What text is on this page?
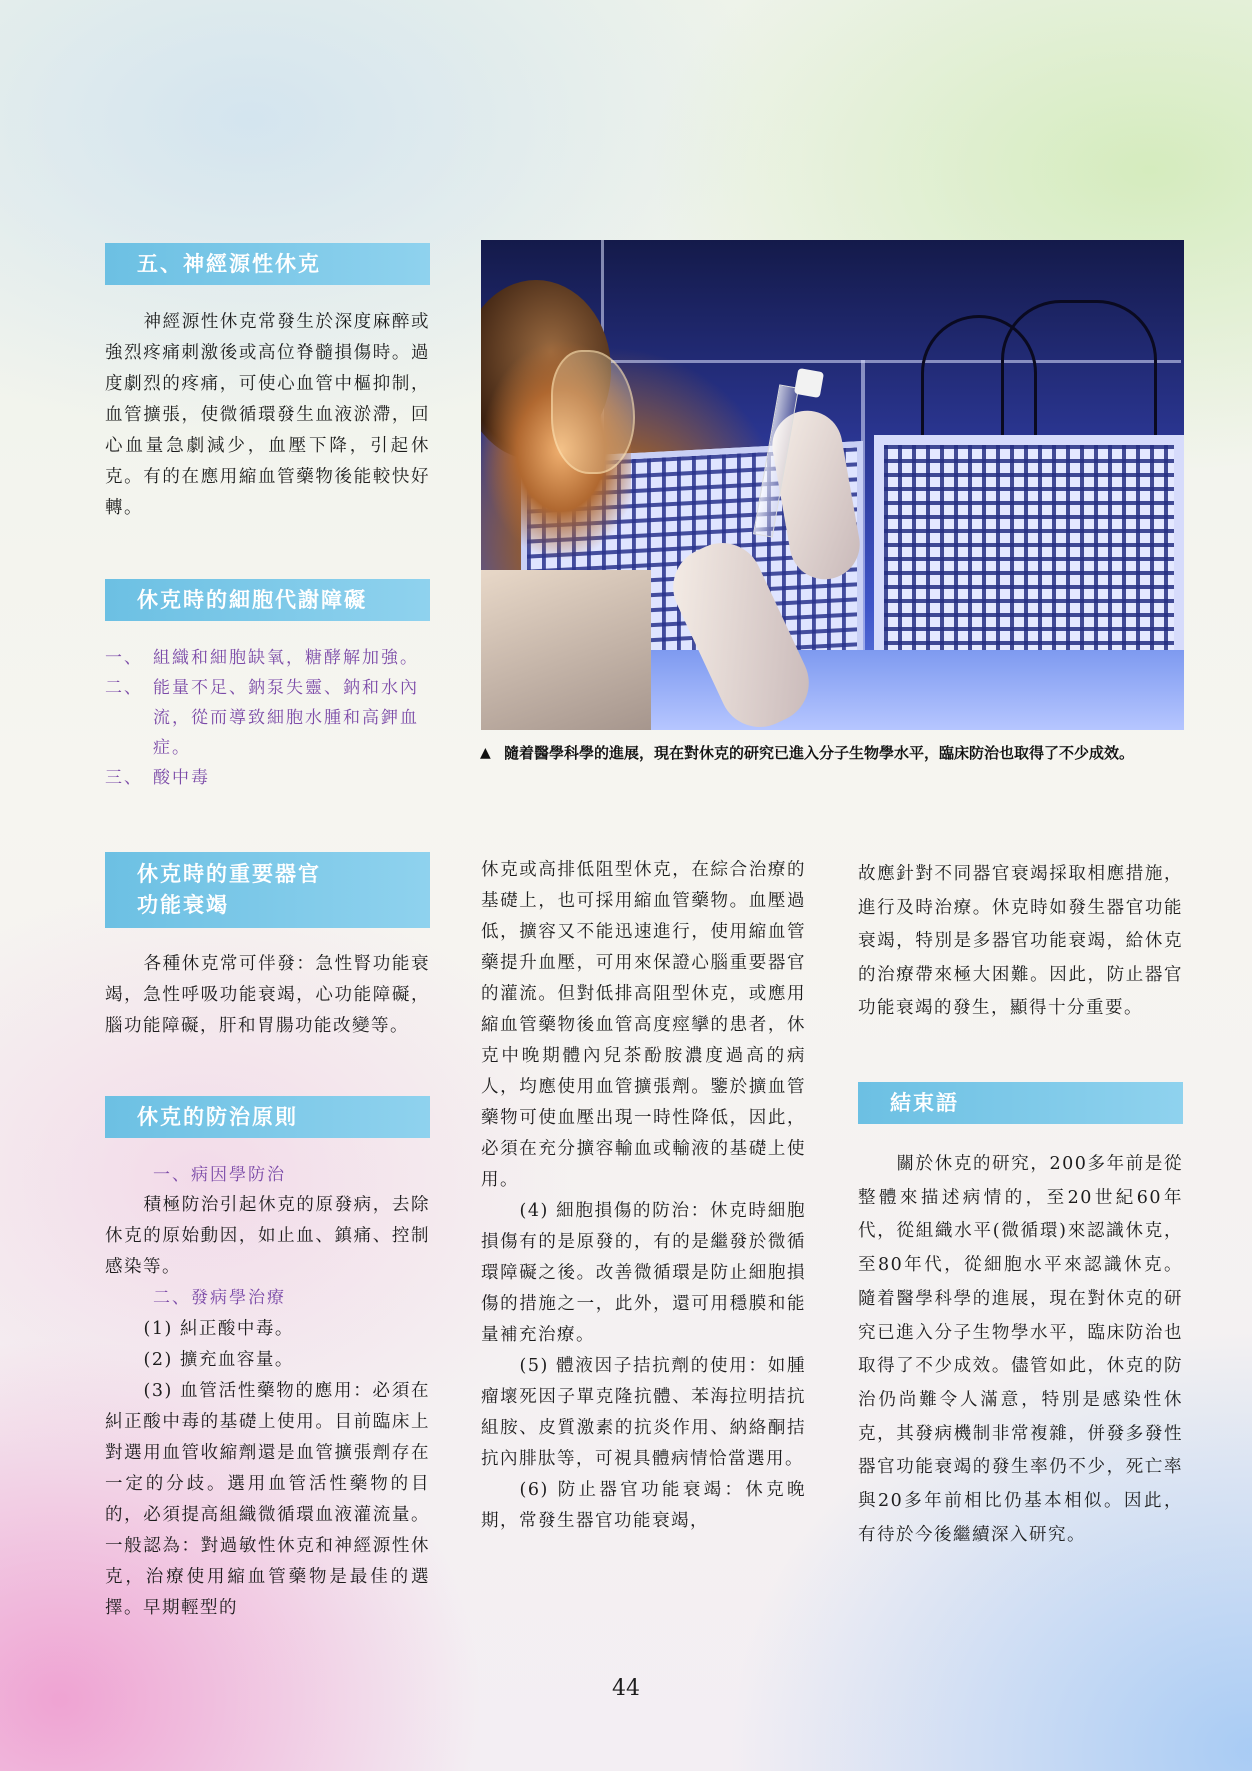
五、神經源性休克

神經源性休克常發生於深度麻醉或強烈疼痛刺激後或高位脊髓損傷時。過度劇烈的疼痛，可使心血管中樞抑制，血管擴張，使微循環發生血液淤滯，回心血量急劇減少，血壓下降，引起休克。有的在應用縮血管藥物後能較快好轉。

休克時的細胞代謝障礙
一、 組織和細胞缺氧，糖酵解加強。
二、 能量不足、鈉泵失靈、鈉和水內流，從而導致細胞水腫和高鉀血症。
三、 酸中毒
休克時的重要器官
功能衰竭

各種休克常可伴發：急性腎功能衰竭，急性呼吸功能衰竭，心功能障礙，腦功能障礙，肝和胃腸功能改變等。

休克的防治原則
一、病因學防治

積極防治引起休克的原發病，去除休克的原始動因，如止血、鎮痛、控制感染等。

二、發病學治療

(1) 糾正酸中毒。

(2) 擴充血容量。

(3) 血管活性藥物的應用：必須在糾正酸中毒的基礎上使用。目前臨床上對選用血管收縮劑還是血管擴張劑存在一定的分歧。選用血管活性藥物的目的，必須提高組織微循環血液灌流量。一般認為：對過敏性休克和神經源性休克，治療使用縮血管藥物是最佳的選擇。早期輕型的

▲ 隨着醫學科學的進展，現在對休克的研究已進入分子生物學水平，臨床防治也取得了不少成效。

休克或高排低阻型休克，在綜合治療的基礎上，也可採用縮血管藥物。血壓過低，擴容又不能迅速進行，使用縮血管藥提升血壓，可用來保證心腦重要器官的灌流。但對低排高阻型休克，或應用縮血管藥物後血管高度痙攣的患者，休克中晚期體內兒茶酚胺濃度過高的病人，均應使用血管擴張劑。鑒於擴血管藥物可使血壓出現一時性降低，因此，必須在充分擴容輸血或輸液的基礎上使用。

(4) 細胞損傷的防治：休克時細胞損傷有的是原發的，有的是繼發於微循環障礙之後。改善微循環是防止細胞損傷的措施之一，此外，還可用穩膜和能量補充治療。

(5) 體液因子拮抗劑的使用：如腫瘤壞死因子單克隆抗體、苯海拉明拮抗組胺、皮質激素的抗炎作用、納絡酮拮抗內腓肽等，可視具體病情恰當選用。

(6) 防止器官功能衰竭：休克晚期，常發生器官功能衰竭，

故應針對不同器官衰竭採取相應措施，進行及時治療。休克時如發生器官功能衰竭，特別是多器官功能衰竭，給休克的治療帶來極大困難。因此，防止器官功能衰竭的發生，顯得十分重要。

結束語

關於休克的研究，200多年前是從整體來描述病情的，至20世紀60年代，從組織水平(微循環)來認識休克，至80年代，從細胞水平來認識休克。隨着醫學科學的進展，現在對休克的研究已進入分子生物學水平，臨床防治也取得了不少成效。儘管如此，休克的防治仍尚難令人滿意，特別是感染性休克，其發病機制非常複雜，併發多發性器官功能衰竭的發生率仍不少，死亡率與20多年前相比仍基本相似。因此，有待於今後繼續深入研究。

44
